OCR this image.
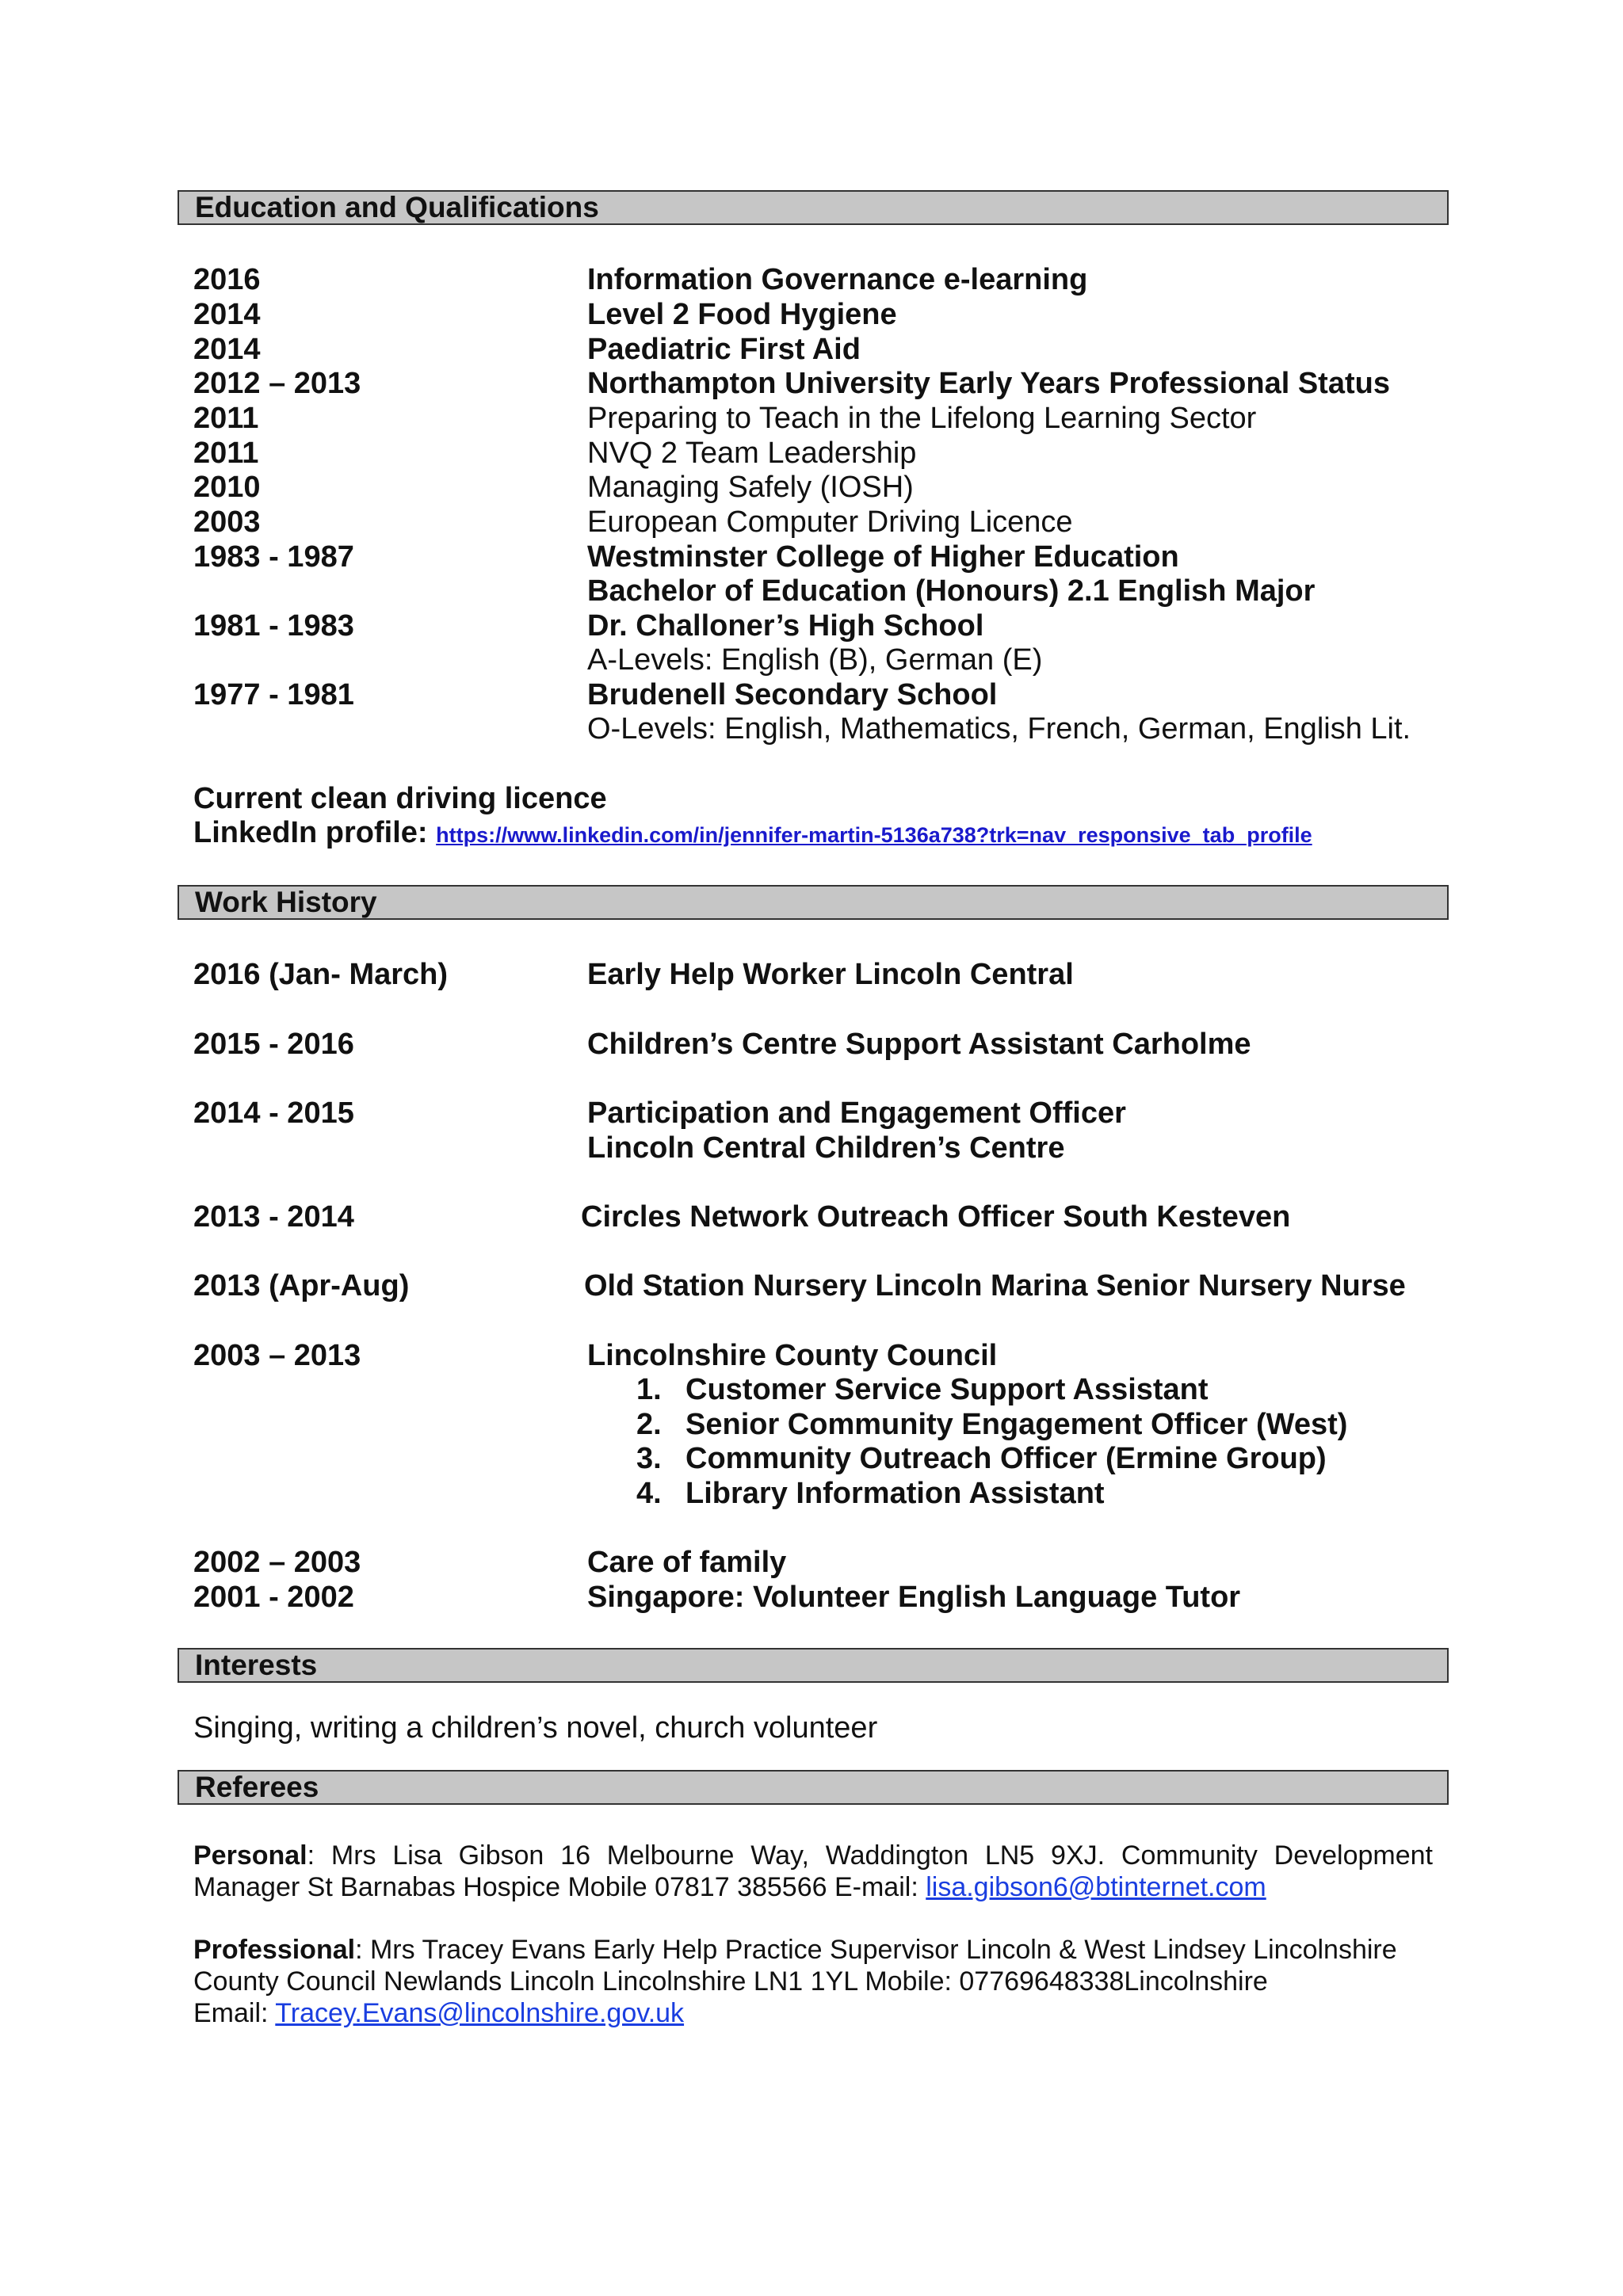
Education and Qualifications
2016	Information Governance e-learning
2014	Level 2 Food Hygiene
2014	Paediatric First Aid
2012 – 2013	Northampton University Early Years Professional Status
2011	Preparing to Teach in the Lifelong Learning Sector
2011	NVQ 2 Team Leadership
2010	Managing Safely (IOSH)
2003	European Computer Driving Licence
1983 - 1987	Westminster College of Higher Education
Bachelor of Education (Honours) 2.1 English Major
1981 - 1983	Dr. Challoner’s High School
A-Levels: English (B), German (E)
1977 - 1981	Brudenell Secondary School
O-Levels: English, Mathematics, French, German, English Lit.
Current clean driving licence
LinkedIn profile: https://www.linkedin.com/in/jennifer-martin-5136a738?trk=nav_responsive_tab_profile
Work History
2016 (Jan- March)	Early Help Worker Lincoln Central
2015 - 2016	Children’s Centre Support Assistant Carholme
2014 - 2015	Participation and Engagement Officer
Lincoln Central Children’s Centre
2013 - 2014	Circles Network Outreach Officer South Kesteven
2013 (Apr-Aug)	Old Station Nursery Lincoln Marina Senior Nursery Nurse
2003 – 2013	Lincolnshire County Council
1. Customer Service Support Assistant
2. Senior Community Engagement Officer (West)
3. Community Outreach Officer (Ermine Group)
4. Library Information Assistant
2002 – 2003	Care of family
2001 - 2002	Singapore: Volunteer English Language Tutor
Interests
Singing, writing a children’s novel, church volunteer
Referees
Personal: Mrs Lisa Gibson 16 Melbourne Way, Waddington LN5 9XJ. Community Development Manager St Barnabas Hospice Mobile 07817 385566 E-mail: lisa.gibson6@btinternet.com
Professional: Mrs Tracey Evans Early Help Practice Supervisor Lincoln & West Lindsey Lincolnshire
County Council Newlands Lincoln Lincolnshire LN1 1YL Mobile: 07769648338Lincolnshire
Email: Tracey.Evans@lincolnshire.gov.uk
